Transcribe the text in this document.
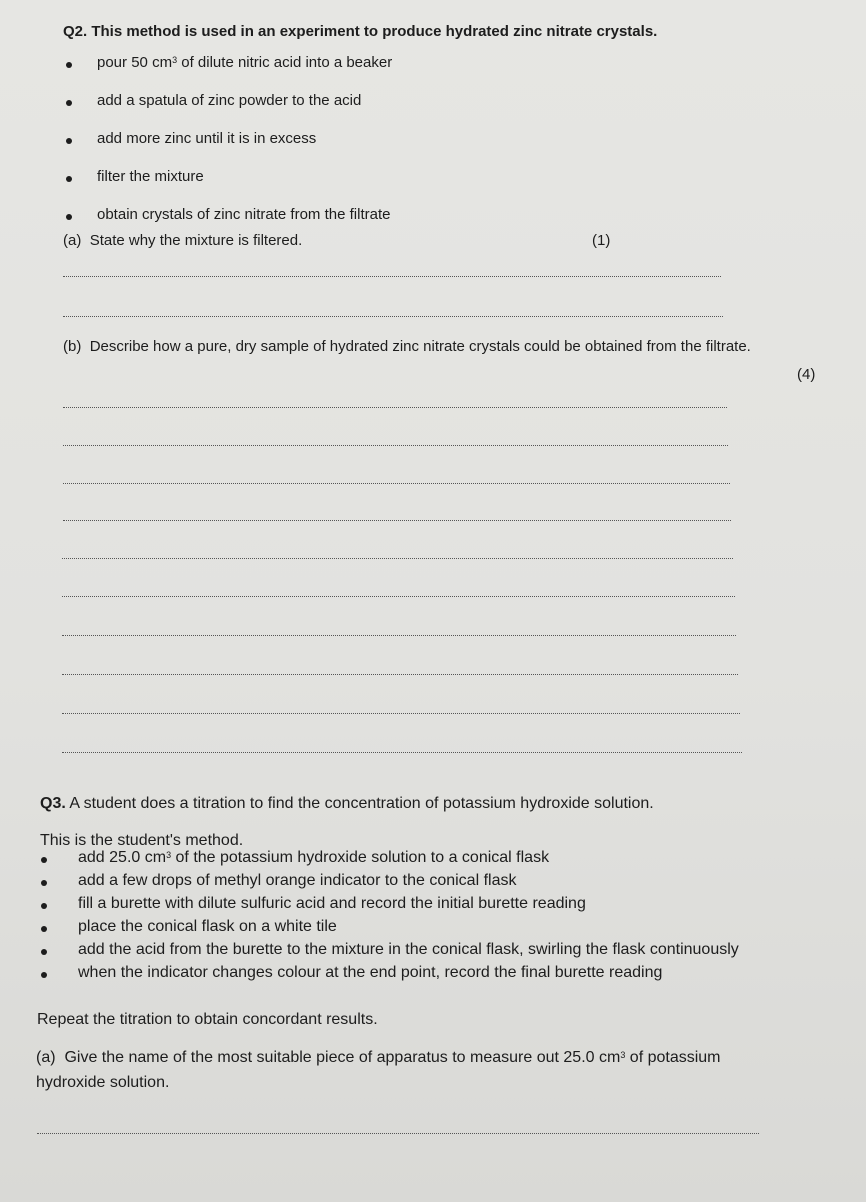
Q2. This method is used in an experiment to produce hydrated zinc nitrate crystals.
pour 50 $cm^3$ of dilute nitric acid into a beaker
add a spatula of zinc powder to the acid
add more zinc until it is in excess
filter the mixture
obtain crystals of zinc nitrate from the filtrate
(a) State why the mixture is filtered.	(1)
(b) Describe how a pure, dry sample of hydrated zinc nitrate crystals could be obtained from the filtrate.
(4)
Q3. A student does a titration to find the concentration of potassium hydroxide solution.
This is the student's method.
add 25.0 $cm^3$ of the potassium hydroxide solution to a conical flask
add a few drops of methyl orange indicator to the conical flask
fill a burette with dilute sulfuric acid and record the initial burette reading
place the conical flask on a white tile
add the acid from the burette to the mixture in the conical flask, swirling the flask continuously
when the indicator changes colour at the end point, record the final burette reading
Repeat the titration to obtain concordant results.
(a) Give the name of the most suitable piece of apparatus to measure out 25.0 $cm^3$ of potassium
hydroxide solution.
